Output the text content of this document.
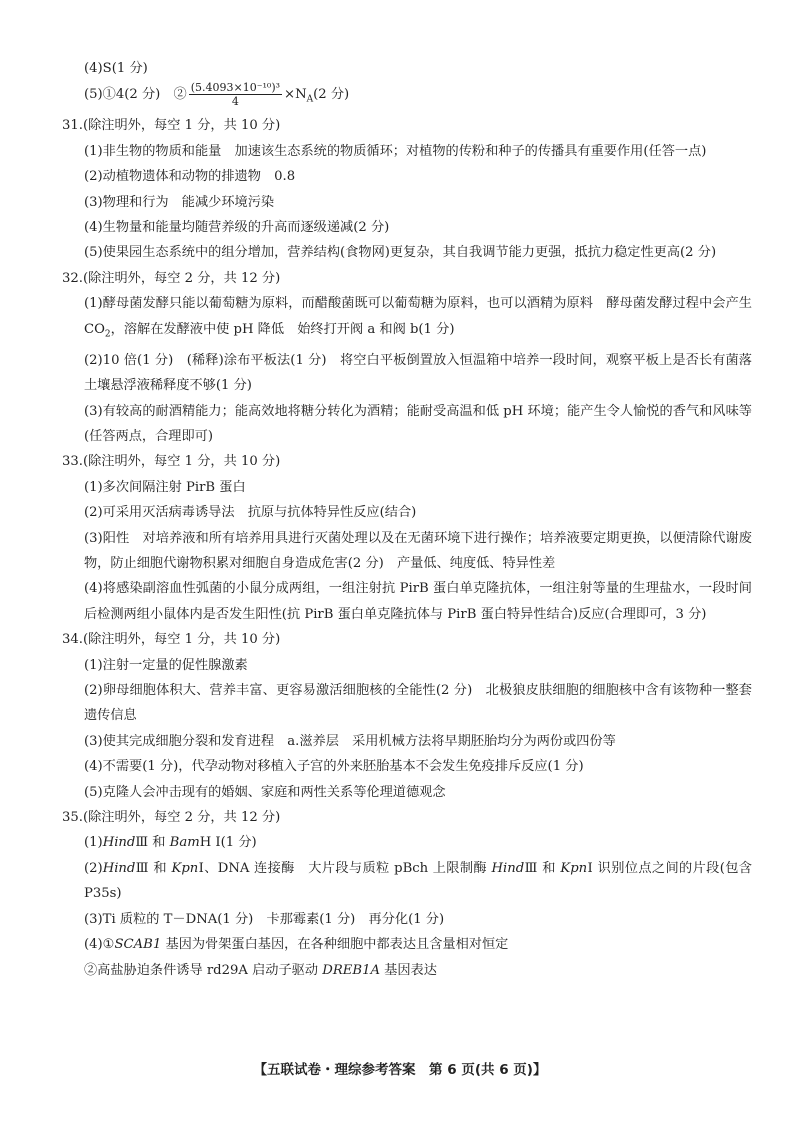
(4)S(1 分)
(5)①4(2 分)　② $\frac{\text{(5.4093×10⁻¹⁰)³}}{4} \times N_A(2$ 分)
31.(除注明外，每空 1 分，共 10 分)
(1)非生物的物质和能量　加速该生态系统的物质循环；对植物的传粉和种子的传播具有重要作用(任答一点)
(2)动植物遗体和动物的排遗物　0.8
(3)物理和行为　能减少环境污染
(4)生物量和能量均随营养级的升高而逐级递减(2 分)
(5)使果园生态系统中的组分增加，营养结构(食物网)更复杂，其自我调节能力更强，抵抗力稳定性更高(2 分)
32.(除注明外，每空 2 分，共 12 分)
(1)酵母菌发酵只能以葡萄糖为原料，而醋酸菌既可以葡萄糖为原料，也可以酒精为原料　酵母菌发酵过程中会产生 $CO_2$，溶解在发酵液中使 pH 降低　始终打开阀 a 和阀 b(1 分)
(2)10 倍(1 分)　(稀释)涂布平板法(1 分)　将空白平板倒置放入恒温箱中培养一段时间，观察平板上是否长有菌落　土壤悬浮液稀释度不够(1 分)
(3)有较高的耐酒精能力；能高效地将糖分转化为酒精；能耐受高温和低 pH 环境；能产生令人愉悦的香气和风味等(任答两点，合理即可)
33.(除注明外，每空 1 分，共 10 分)
(1)多次间隔注射 PirB 蛋白
(2)可采用灭活病毒诱导法　抗原与抗体特异性反应(结合)
(3)阳性　对培养液和所有培养用具进行灭菌处理以及在无菌环境下进行操作；培养液要定期更换，以便清除代谢废物，防止细胞代谢物积累对细胞自身造成危害(2 分)　产量低、纯度低、特异性差
(4)将感染副溶血性弧菌的小鼠分成两组，一组注射抗 PirB 蛋白单克隆抗体，一组注射等量的生理盐水，一段时间后检测两组小鼠体内是否发生阳性(抗 PirB 蛋白单克隆抗体与 PirB 蛋白特异性结合)反应(合理即可，3 分)
34.(除注明外，每空 1 分，共 10 分)
(1)注射一定量的促性腺激素
(2)卵母细胞体积大、营养丰富、更容易激活细胞核的全能性(2 分)　北极狼皮肤细胞的细胞核中含有该物种一整套遗传信息
(3)使其完成细胞分裂和发育进程　a.滋养层　采用机械方法将早期胚胎均分为两份或四份等
(4)不需要(1 分)，代孕动物对移植入子宫的外来胚胎基本不会发生免疫排斥反应(1 分)
(5)克隆人会冲击现有的婚姻、家庭和两性关系等伦理道德观念
35.(除注明外，每空 2 分，共 12 分)
(1)HindⅢ 和 BamH Ⅰ(1 分)
(2)HindⅢ 和 KpnⅠ、DNA 连接酶　大片段与质粒 pBch 上限制酶 HindⅢ 和 KpnⅠ 识别位点之间的片段(包含 P35s)
(3)Ti 质粒的 T－DNA(1 分)　卡那霉素(1 分)　再分化(1 分)
(4)①SCAB1 基因为骨架蛋白基因，在各种细胞中都表达且含量相对恒定
②高盐胁迫条件诱导 rd29A 启动子驱动 DREB1A 基因表达
【五联试卷・理综参考答案　第 6 页(共 6 页)】
